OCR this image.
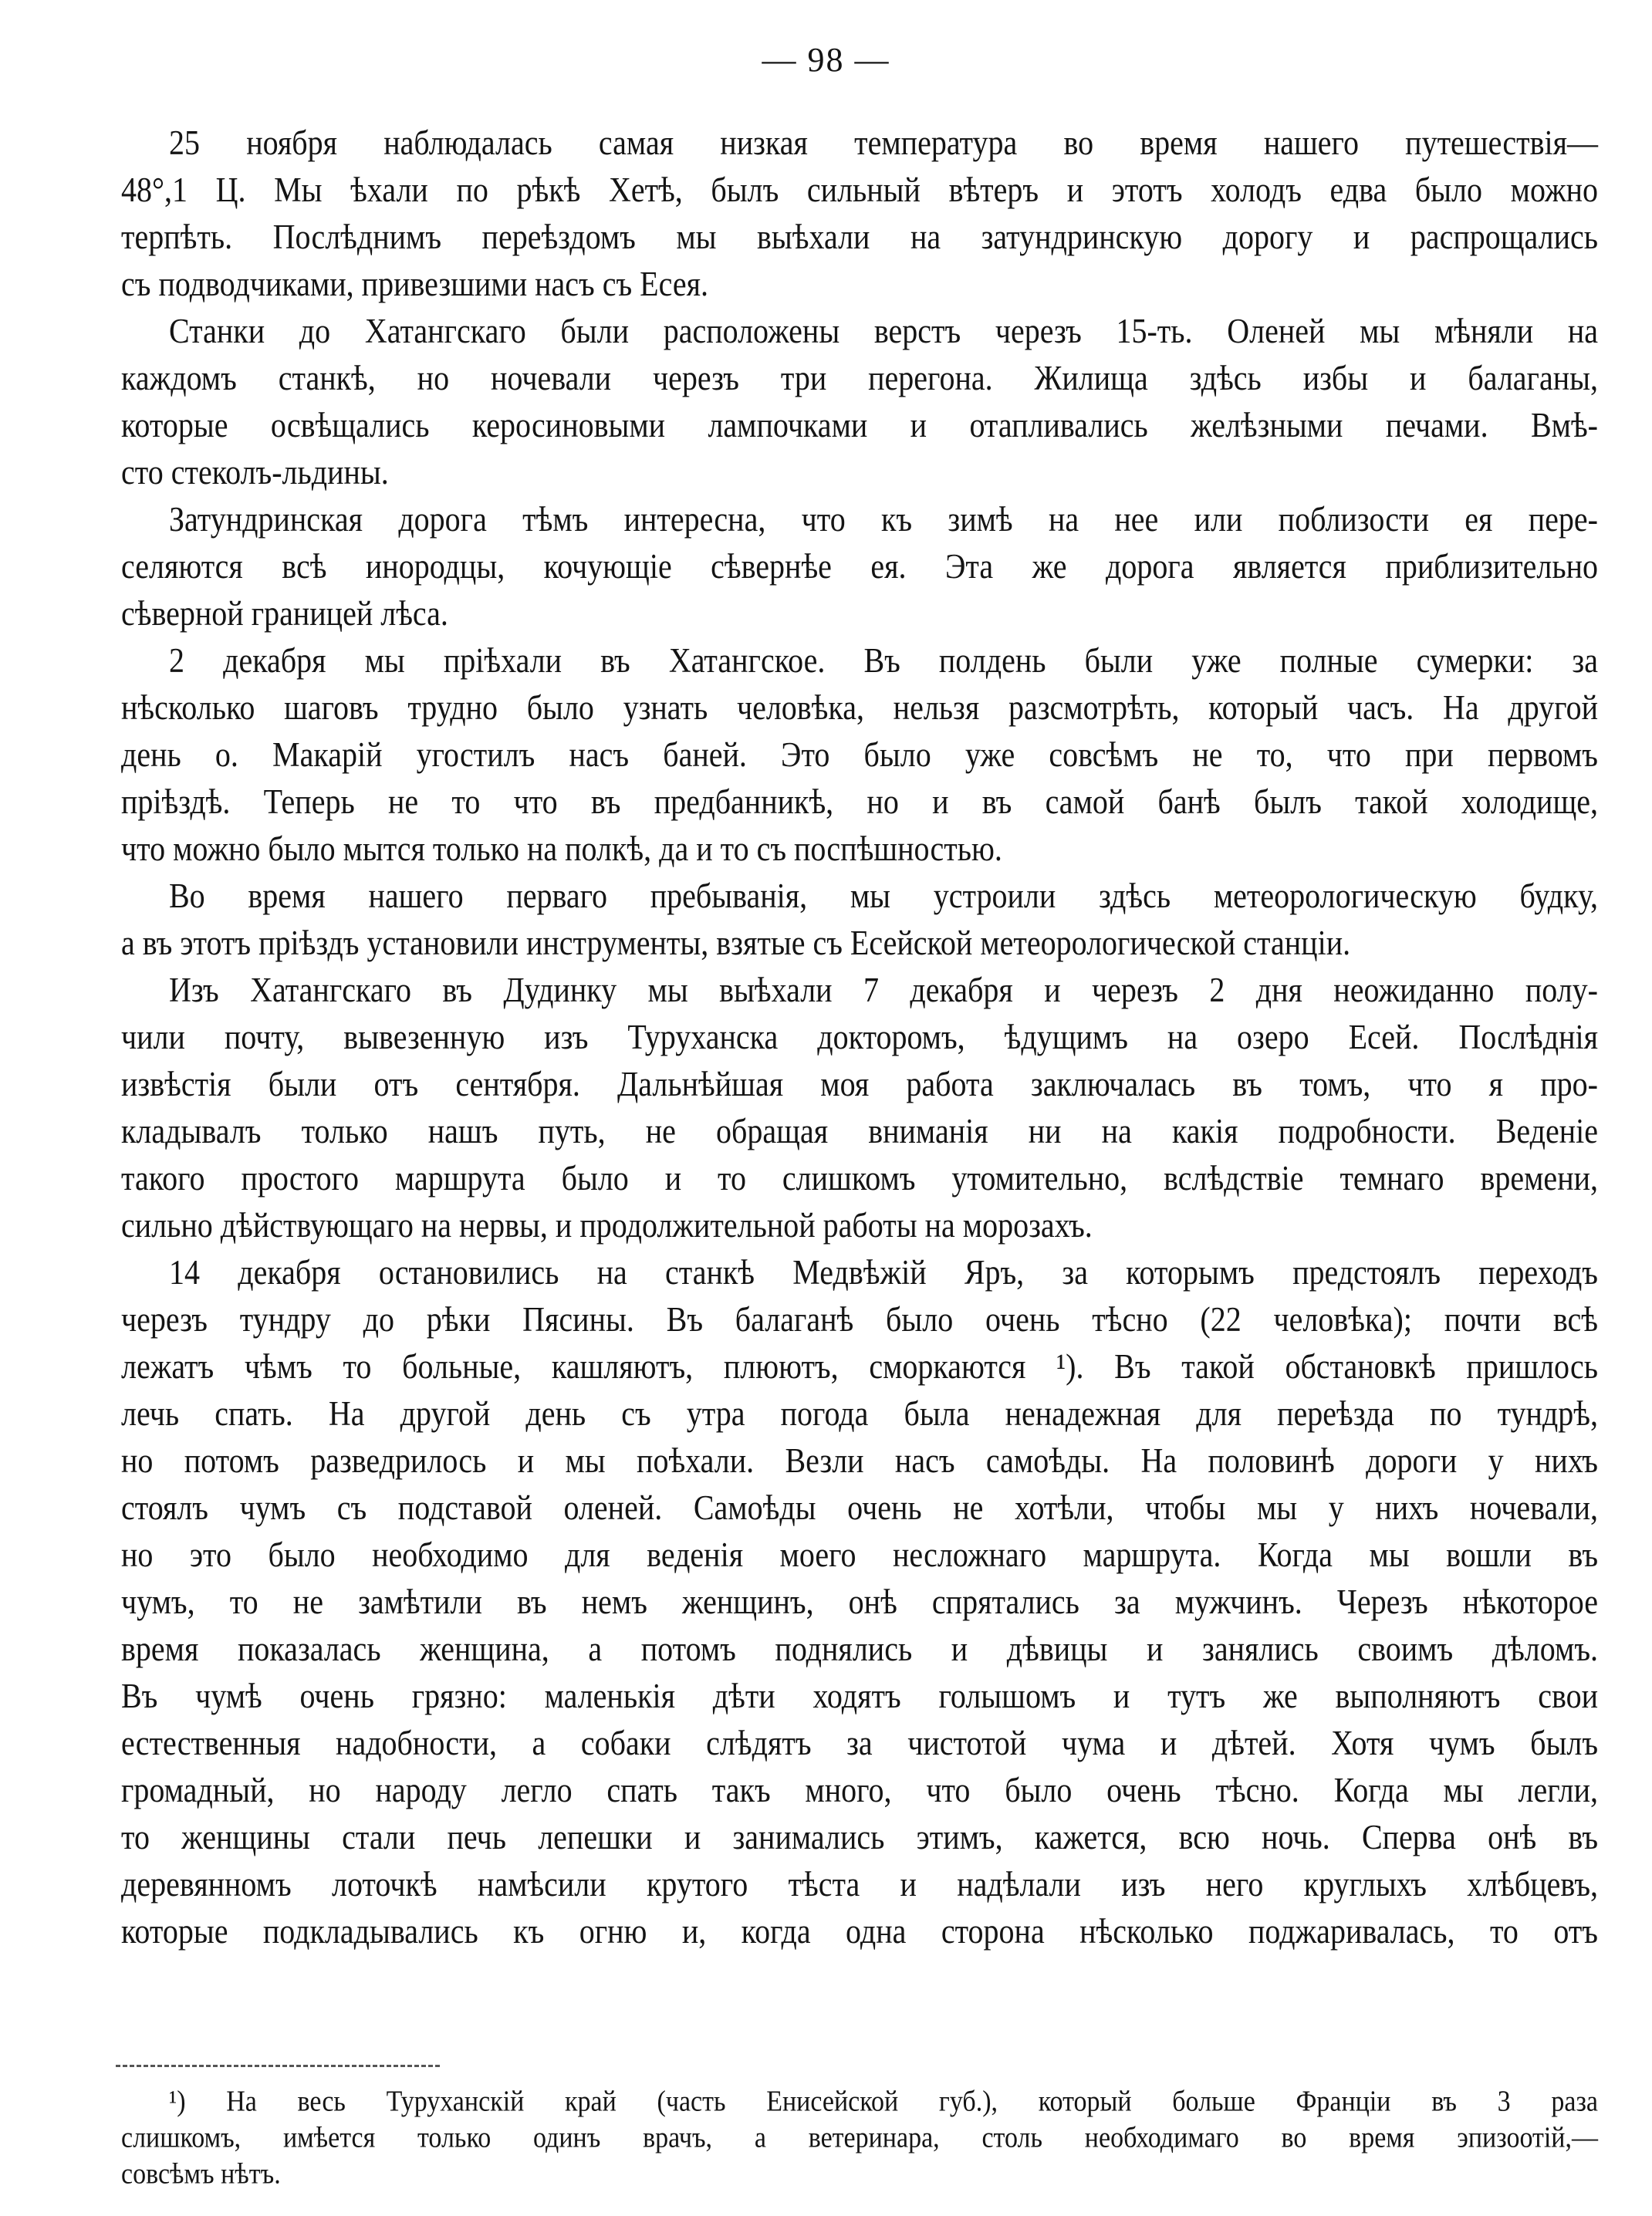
— 98 —
25 ноября наблюдалась самая низкая температура во время нашего путешествія—
48°,1 Ц. Мы ѣхали по рѣкѣ Хетѣ, былъ сильный вѣтеръ и этотъ холодъ едва было можно
терпѣть. Послѣднимъ переѣздомъ мы выѣхали на затундринскую дорогу и распрощались
съ подводчиками, привезшими насъ съ Есея.
Станки до Хатангскаго были расположены верстъ черезъ 15-ть. Оленей мы мѣняли на
каждомъ станкѣ, но ночевали черезъ три перегона. Жилища здѣсь избы и балаганы,
которые освѣщались керосиновыми лампочками и отапливались желѣзными печами. Вмѣ-
сто стеколъ-льдины.
Затундринская дорога тѣмъ интересна, что къ зимѣ на нее или поблизости ея пере-
селяются всѣ инородцы, кочующіе сѣвернѣе ея. Эта же дорога является приблизительно
сѣверной границей лѣса.
2 декабря мы пріѣхали въ Хатангское. Въ полдень были уже полные сумерки: за
нѣсколько шаговъ трудно было узнать человѣка, нельзя разсмотрѣть, который часъ. На другой
день о. Макарій угостилъ насъ баней. Это было уже совсѣмъ не то, что при первомъ
пріѣздѣ. Теперь не то что въ предбанникѣ, но и въ самой банѣ былъ такой холодище,
что можно было мытся только на полкѣ, да и то съ поспѣшностью.
Во время нашего перваго пребыванія, мы устроили здѣсь метеорологическую будку,
а въ этотъ пріѣздъ установили инструменты, взятые съ Есейской метеорологической станціи.
Изъ Хатангскаго въ Дудинку мы выѣхали 7 декабря и черезъ 2 дня неожиданно полу-
чили почту, вывезенную изъ Туруханска докторомъ, ѣдущимъ на озеро Есей. Послѣднія
извѣстія были отъ сентября. Дальнѣйшая моя работа заключалась въ томъ, что я про-
кладывалъ только нашъ путь, не обращая вниманія ни на какія подробности. Веденіе
такого простого маршрута было и то слишкомъ утомительно, вслѣдствіе темнаго времени,
сильно дѣйствующаго на нервы, и продолжительной работы на морозахъ.
14 декабря остановились на станкѣ Медвѣжій Яръ, за которымъ предстоялъ переходъ
черезъ тундру до рѣки Пясины. Въ балаганѣ было очень тѣсно (22 человѣка); почти всѣ
лежатъ чѣмъ то больные, кашляютъ, плюютъ, сморкаются ¹). Въ такой обстановкѣ пришлось
лечь спать. На другой день съ утра погода была ненадежная для переѣзда по тундрѣ,
но потомъ разведрилось и мы поѣхали. Везли насъ самоѣды. На половинѣ дороги у нихъ
стоялъ чумъ съ подставой оленей. Самоѣды очень не хотѣли, чтобы мы у нихъ ночевали,
но это было необходимо для веденія моего несложнаго маршрута. Когда мы вошли въ
чумъ, то не замѣтили въ немъ женщинъ, онѣ спрятались за мужчинъ. Черезъ нѣкоторое
время показалась женщина, а потомъ поднялись и дѣвицы и занялись своимъ дѣломъ.
Въ чумѣ очень грязно: маленькія дѣти ходятъ голышомъ и тутъ же выполняютъ свои
естественныя надобности, а собаки слѣдятъ за чистотой чума и дѣтей. Хотя чумъ былъ
громадный, но народу легло спать такъ много, что было очень тѣсно. Когда мы легли,
то женщины стали печь лепешки и занимались этимъ, кажется, всю ночь. Сперва онѣ въ
деревянномъ лоточкѣ намѣсили крутого тѣста и надѣлали изъ него круглыхъ хлѣбцевъ,
которые подкладывались къ огню и, когда одна сторона нѣсколько поджаривалась, то отъ
¹) На весь Туруханскій край (часть Енисейской губ.), который больше Франціи въ 3 раза
слишкомъ, имѣется только одинъ врачъ, а ветеринара, столь необходимаго во время эпизоотій,—
совсѣмъ нѣтъ.
